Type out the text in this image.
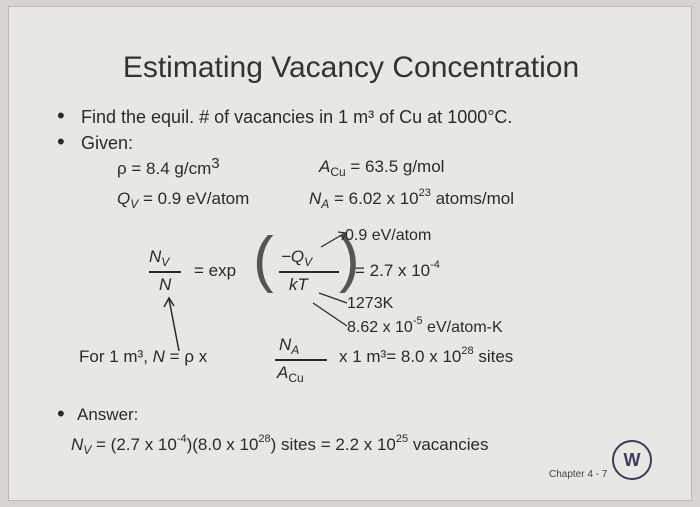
Estimating Vacancy Concentration
• Find the equil. # of vacancies in 1 m³ of Cu at 1000°C.
• Given:
ρ = 8.4 g/cm3	$A_{Cu} = 63.5$ g/mol
$Q_V = 0.9$ eV/atom	$N_A = 6.02$ x $10^{23}$ atoms/mol
$N_V$
N
= exp ( $-Q_V$
kT )
= 2.7 x $10^{-4}$
0.9 eV/atom
1273K
8.62 x $10^{-5}$ eV/atom-K
For 1 m³, N = ρ x
$N_A$
$A_{Cu}$
x 1 m³= 8.0 x $10^{28}$ sites
• Answer:
$N_V = (2.7$ x $10^{-4})(8.0$ x $10^{28}$) sites = 2.2 x $10^{25}$ vacancies
Chapter 4 - 7
W
